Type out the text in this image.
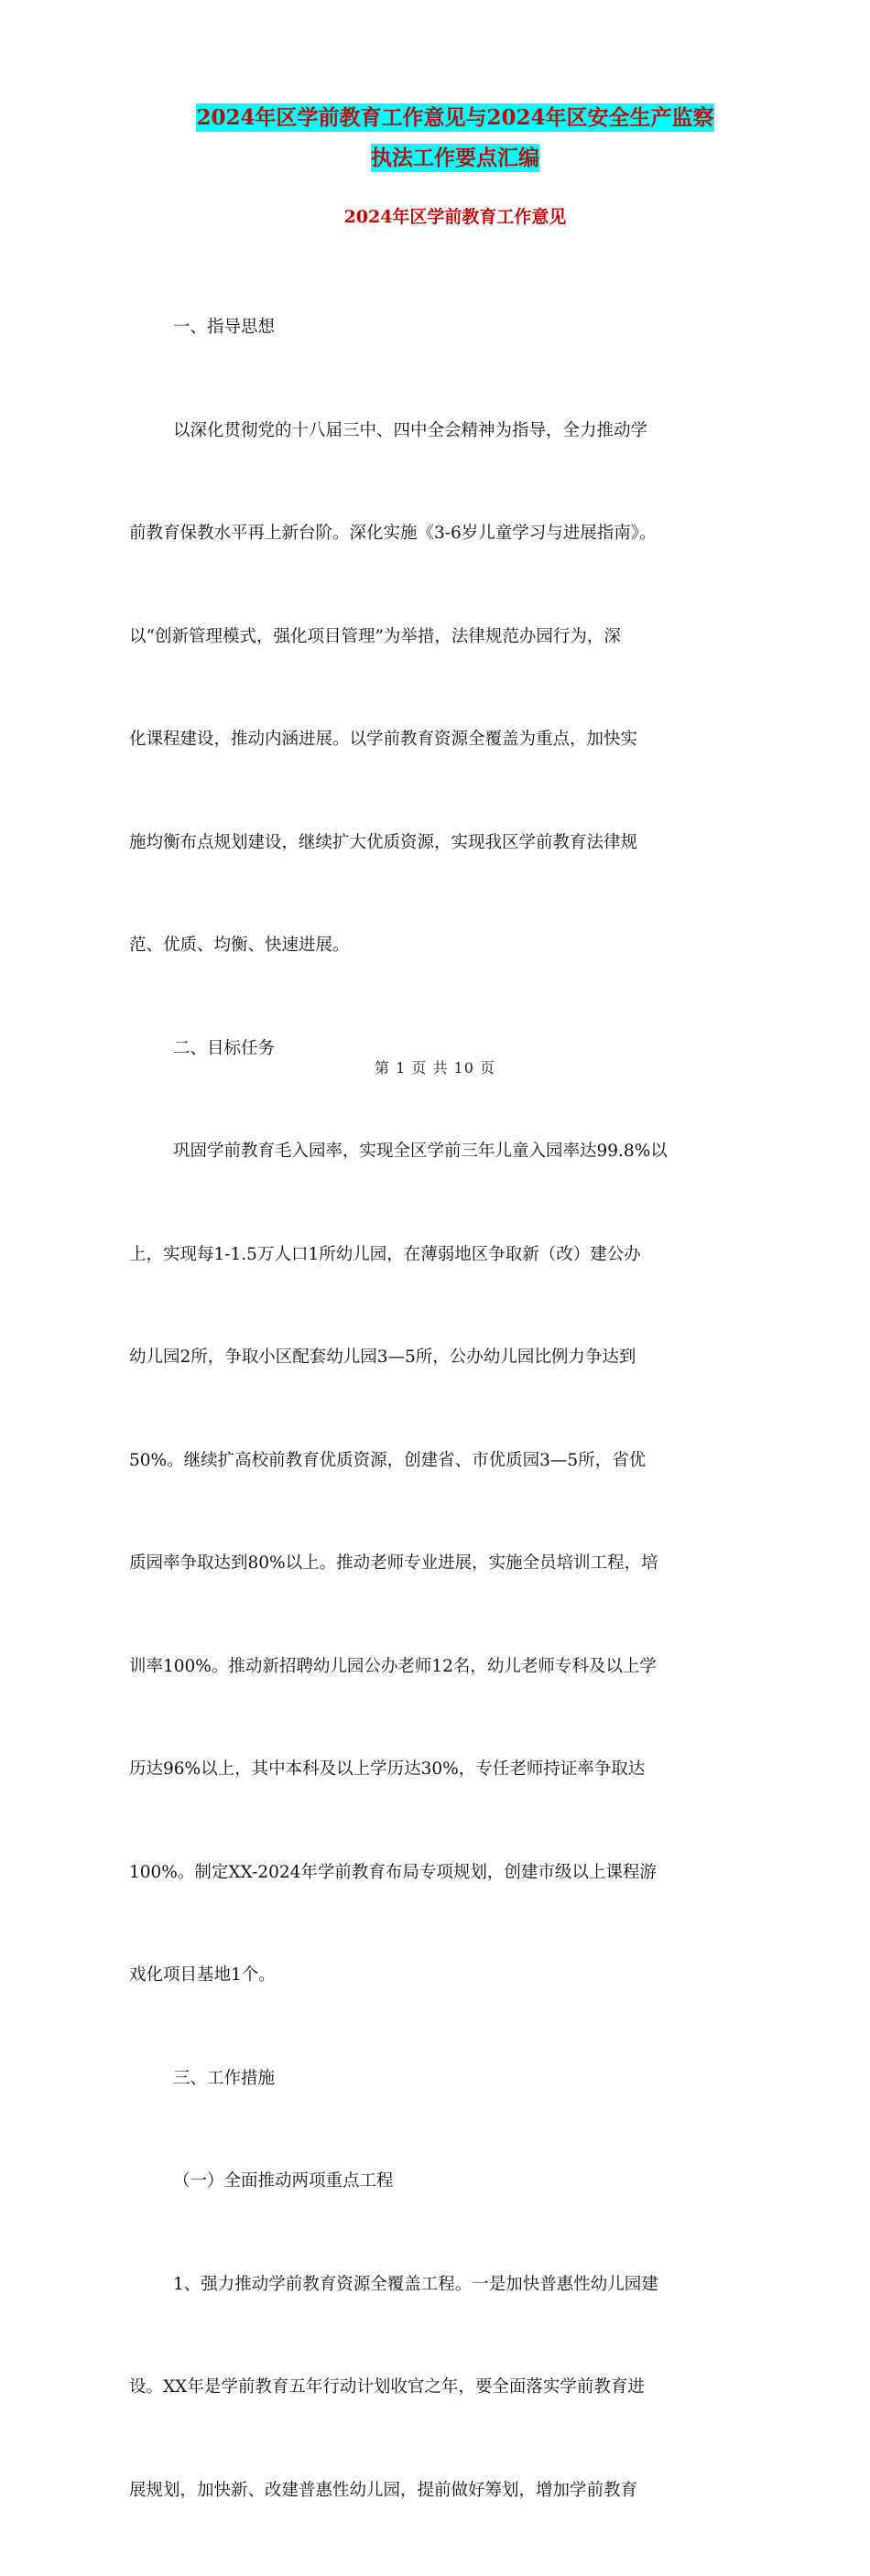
2024年区学前教育工作意见与2024年区安全生产监察
执法工作要点汇编
2024年区学前教育工作意见

一、指导思想

以深化贯彻党的十八届三中、四中全会精神为指导，全力推动学

前教育保教水平再上新台阶。深化实施《3-6岁儿童学习与进展指南》。

以“创新管理模式，强化项目管理”为举措，法律规范办园行为，深

化课程建设，推动内涵进展。以学前教育资源全覆盖为重点，加快实

施均衡布点规划建设，继续扩大优质资源，实现我区学前教育法律规

范、优质、均衡、快速进展。

二、目标任务

巩固学前教育毛入园率，实现全区学前三年儿童入园率达99.8%以

上，实现每1-1.5万人口1所幼儿园，在薄弱地区争取新（改）建公办

幼儿园2所，争取小区配套幼儿园3—5所，公办幼儿园比例力争达到

50%。继续扩高校前教育优质资源，创建省、市优质园3—5所，省优

质园率争取达到80%以上。推动老师专业进展，实施全员培训工程，培

训率100%。推动新招聘幼儿园公办老师12名，幼儿老师专科及以上学

历达96%以上，其中本科及以上学历达30%，专任老师持证率争取达

100%。制定XX-2024年学前教育布局专项规划，创建市级以上课程游

戏化项目基地1个。

三、工作措施

（一）全面推动两项重点工程

1、强力推动学前教育资源全覆盖工程。一是加快普惠性幼儿园建

设。XX年是学前教育五年行动计划收官之年，要全面落实学前教育进

展规划，加快新、改建普惠性幼儿园，提前做好筹划，增加学前教育

第 1 页 共 10 页
